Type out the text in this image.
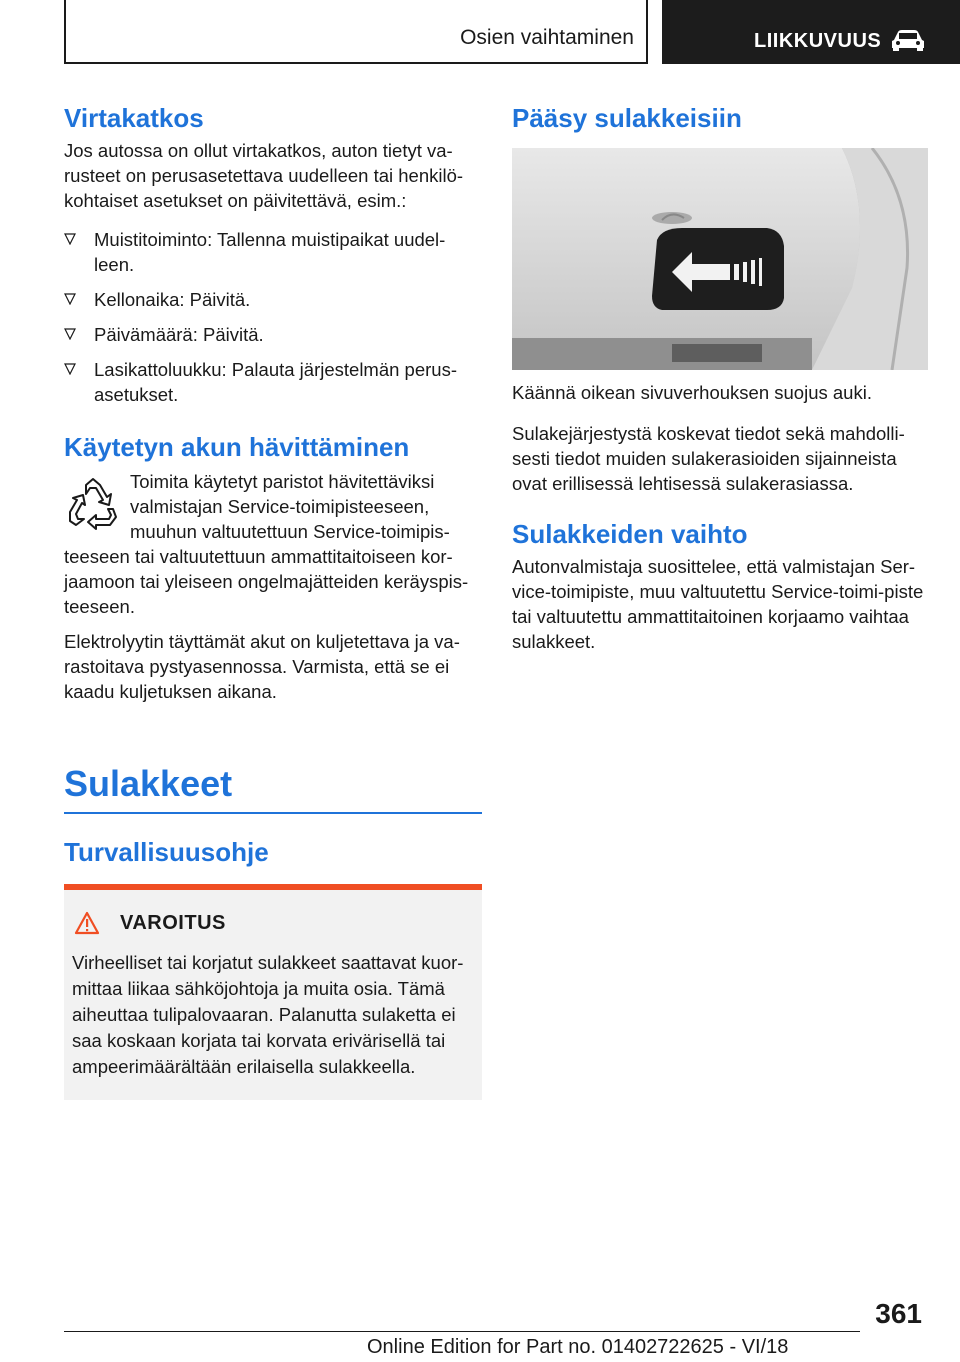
Osien vaihtaminen	LIIKKUVUUS
Virtakatkos

Jos autossa on ollut virtakatkos, auton tietyt va-rusteet on perusasetettava uudelleen tai henkilö-kohtaiset asetukset on päivitettävä, esim.:

Muistitoiminto: Tallenna muistipaikat uudel-leen.
Kellonaika: Päivitä.
Päivämäärä: Päivitä.
Lasikattoluukku: Palauta järjestelmän perus-asetukset.
Käytetyn akun hävittäminen

Toimita käytetyt paristot hävitettäviksi valmistajan Service-toimipisteeseen, muuhun valtuutettuun Service-toimipis-teeseen tai valtuutettuun ammattitaitoiseen kor-jaamoon tai yleiseen ongelmajätteiden keräyspis-teeseen.

Elektrolyytin täyttämät akut on kuljetettava ja va-rastoitava pystyasennossa. Varmista, että se ei kaadu kuljetuksen aikana.

Sulakkeet
Turvallisuusohje
VAROITUS
Virheelliset tai korjatut sulakkeet saattavat kuor-mittaa liikaa sähköjohtoja ja muita osia. Tämä aiheuttaa tulipalovaaran. Palanutta sulaketta ei saa koskaan korjata tai korvata erivärisellä tai ampeerimäärältään erilaisella sulakkeella.
Pääsy sulakkeisiin

Käännä oikean sivuverhouksen suojus auki.

Sulakejärjestystä koskevat tiedot sekä mahdolli-sesti tiedot muiden sulakerasioiden sijainneista ovat erillisessä lehtisessä sulakerasiassa.

Sulakkeiden vaihto

Autonvalmistaja suosittelee, että valmistajan Ser-vice-toimipiste, muu valtuutettu Service-toimi-piste tai valtuutettu ammattitaitoinen korjaamo vaihtaa sulakkeet.

361
Online Edition for Part no. 01402722625 - VI/18
